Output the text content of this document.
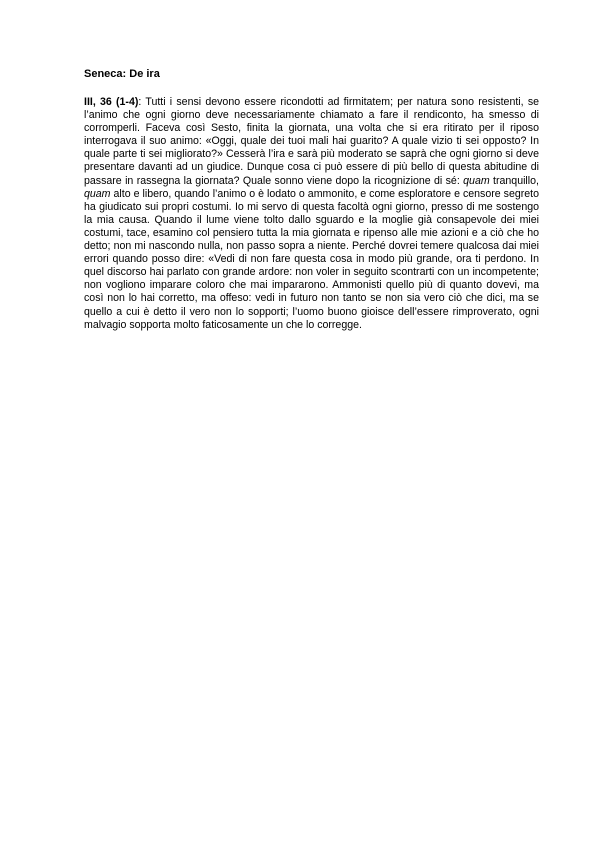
Seneca: De ira

III, 36 (1-4): Tutti i sensi devono essere ricondotti ad firmitatem; per natura sono resistenti, se l’animo che ogni giorno deve necessariamente chiamato a fare il rendiconto, ha smesso di corromperli. Faceva così Sesto, finita la giornata, una volta che si era ritirato per il riposo interrogava il suo animo: «Oggi, quale dei tuoi mali hai guarito? A quale vizio ti sei opposto? In quale parte ti sei migliorato?» Cesserà l’ira e sarà più moderato se saprà che ogni giorno si deve presentare davanti ad un giudice. Dunque cosa ci può essere di più bello di questa abitudine di passare in rassegna la giornata? Quale sonno viene dopo la ricognizione di sé: quam tranquillo, quam alto e libero, quando l’animo o è lodato o ammonito, e come esploratore e censore segreto ha giudicato sui propri costumi. Io mi servo di questa facoltà ogni giorno, presso di me sostengo la mia causa. Quando il lume viene tolto dallo sguardo e la moglie già consapevole dei miei costumi, tace, esamino col pensiero tutta la mia giornata e ripenso alle mie azioni e a ciò che ho detto; non mi nascondo nulla, non passo sopra a niente. Perché dovrei temere qualcosa dai miei errori quando posso dire: «Vedi di non fare questa cosa in modo più grande, ora ti perdono. In quel discorso hai parlato con grande ardore: non voler in seguito scontrarti con un incompetente; non vogliono imparare coloro che mai impararono. Ammonisti quello più di quanto dovevi, ma così non lo hai corretto, ma offeso: vedi in futuro non tanto se non sia vero ciò che dici, ma se quello a cui è detto il vero non lo sopporti; l’uomo buono gioisce dell’essere rimproverato, ogni malvagio sopporta molto faticosamente un che lo corregge.
